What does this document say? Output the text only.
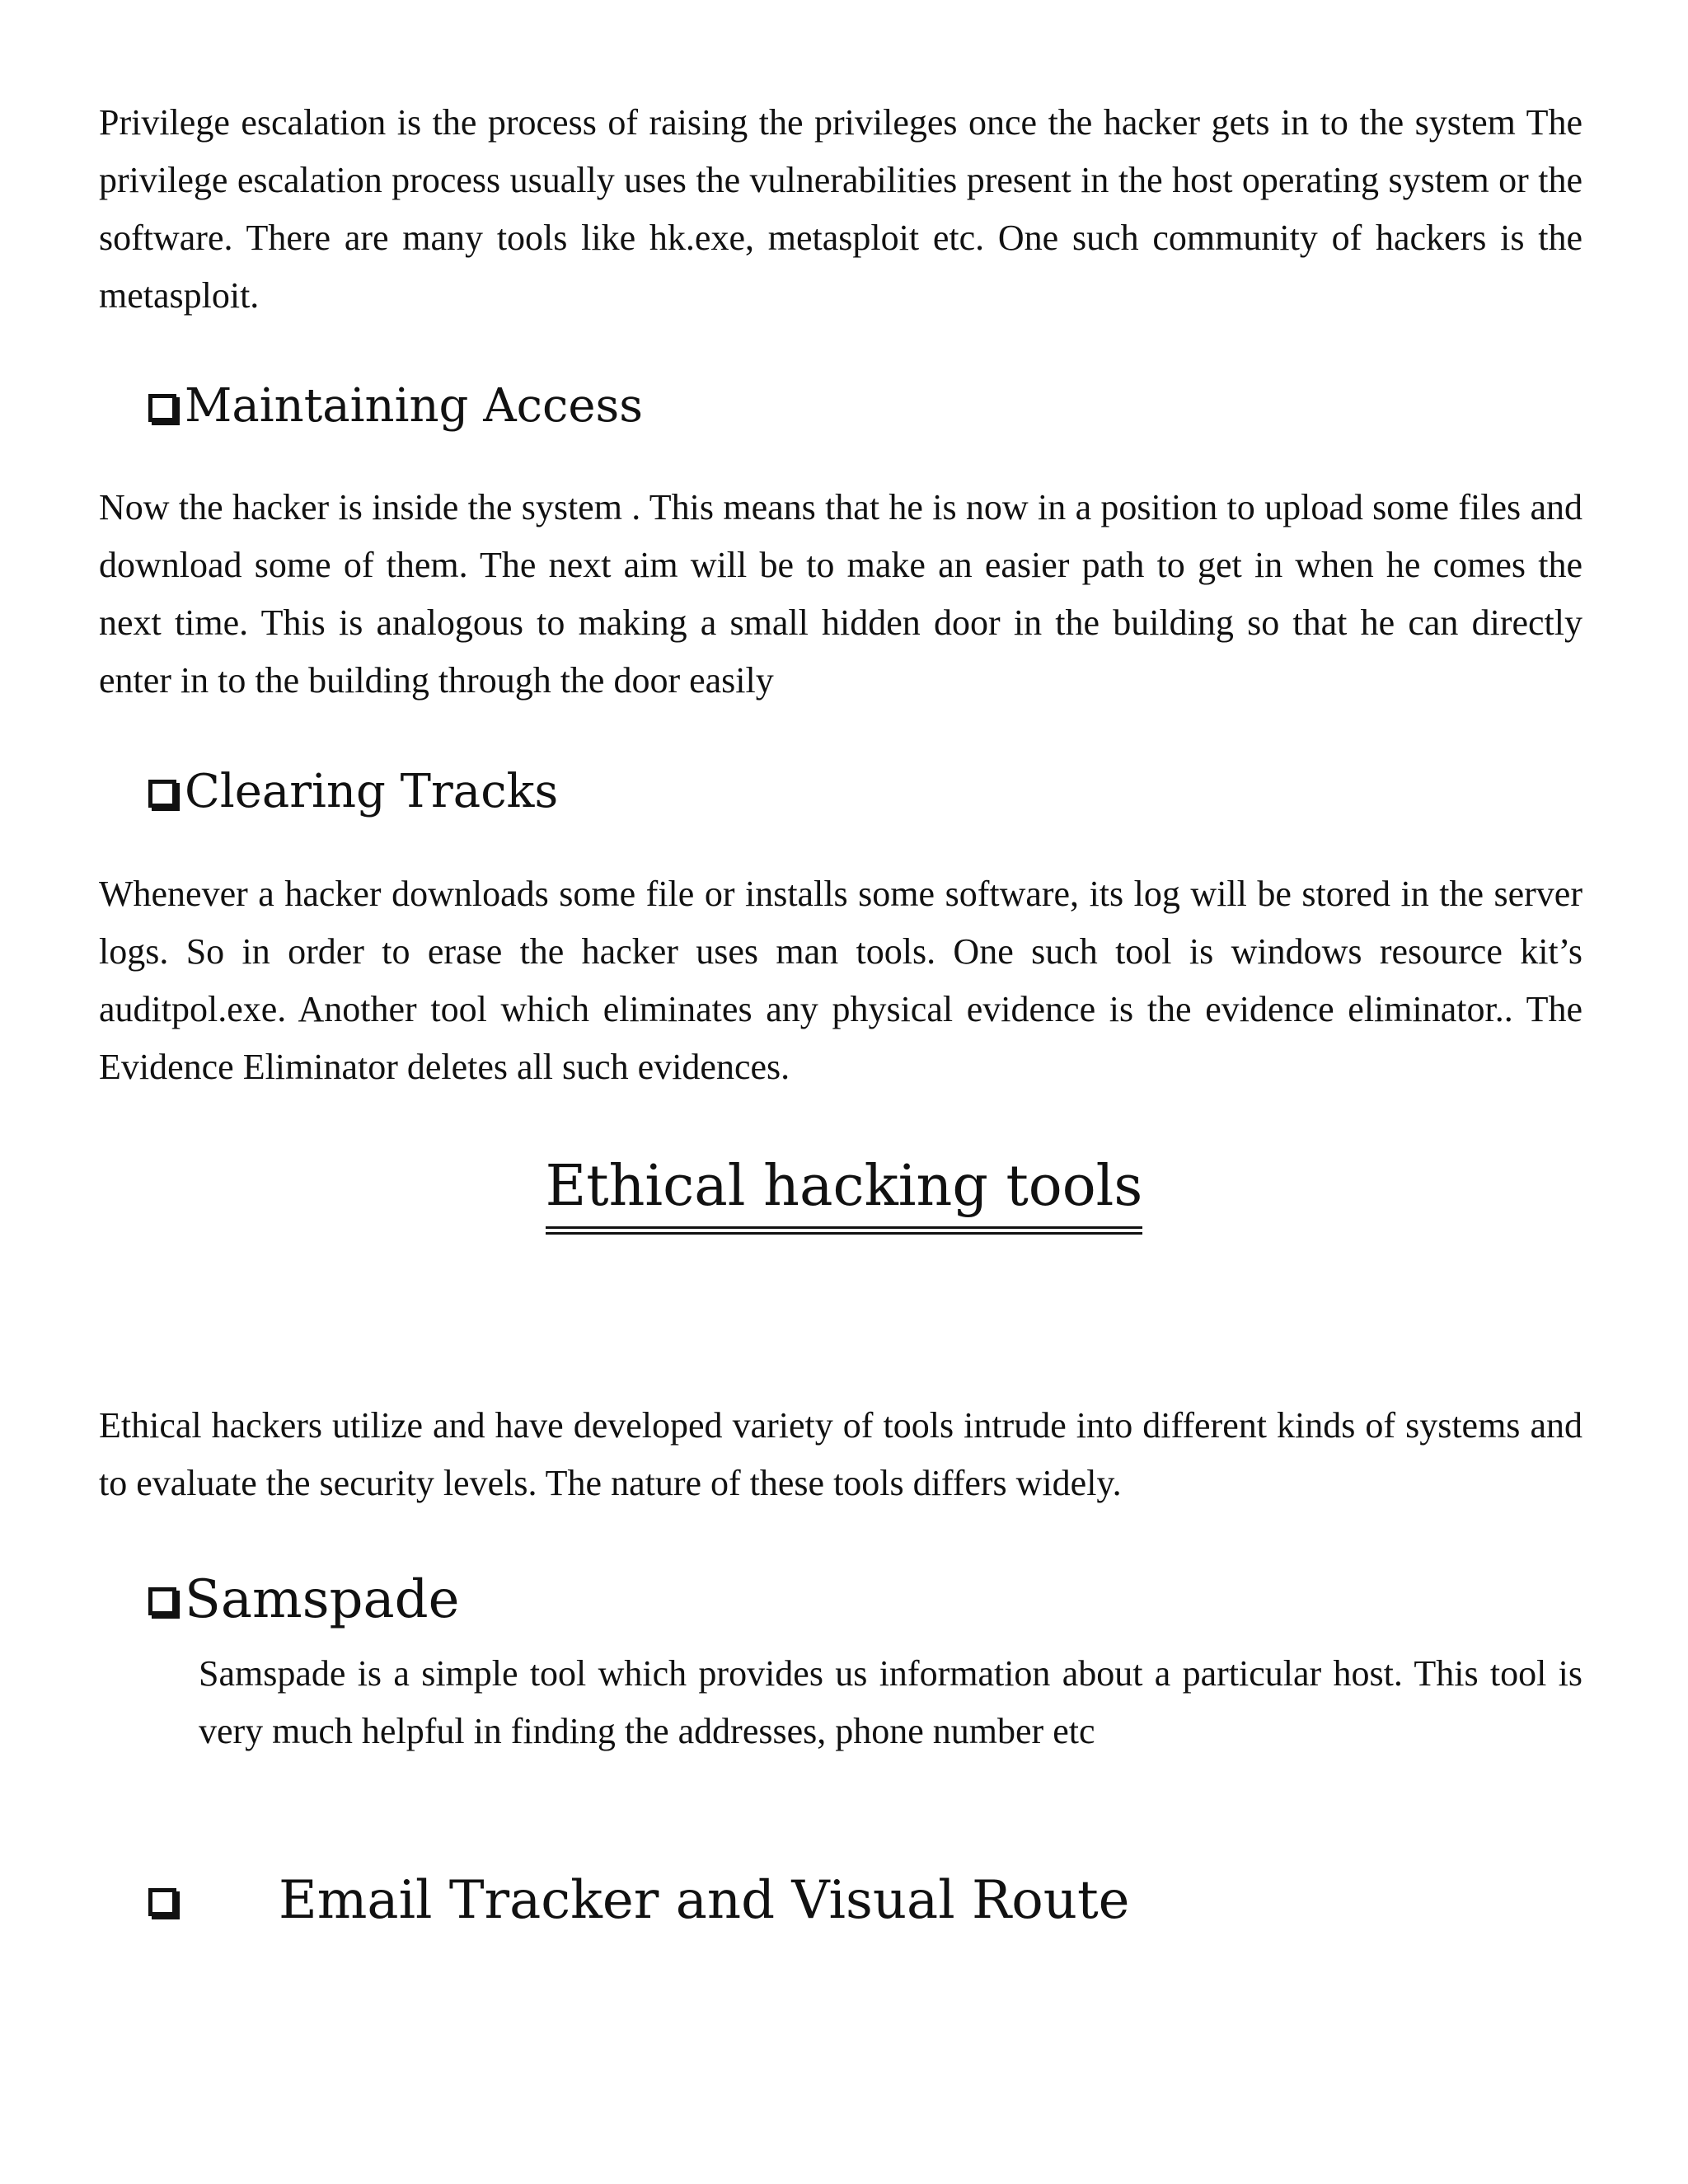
Privilege escalation is the process of raising the privileges once the hacker gets in to the system The privilege escalation process usually uses the vulnerabilities present in the host operating system or the software. There are many tools like hk.exe, metasploit etc. One such community of hackers is the metasploit.

Maintaining Access

Now the hacker is inside the system . This means that he is now in a position to upload some files and download some of them. The next aim will be to make an easier path to get in when he comes the next time. This is analogous to making a small hidden door in the building so that he can directly enter in to the building through the door easily

Clearing Tracks

Whenever a hacker downloads some file or installs some software, its log will be stored in the server logs. So in order to erase the hacker uses man tools. One such tool is windows resource kit’s auditpol.exe. Another tool which eliminates any physical evidence is the evidence eliminator.. The Evidence Eliminator deletes all such evidences.

Ethical hacking tools

Ethical hackers utilize and have developed variety of tools intrude into different kinds of systems and to evaluate the security levels. The nature of these tools differs widely.

Samspade

Samspade is a simple tool which provides us information about a particular host. This tool is very much helpful in finding the addresses, phone number etc

Email Tracker and Visual Route
